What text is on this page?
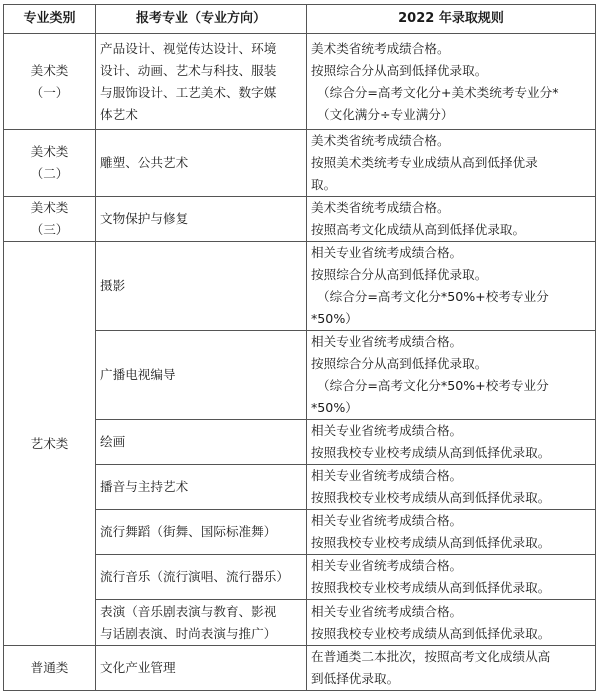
专业类别	报考专业（专业方向）	2022 年录取规则

美术类
（一）	产品设计、视觉传达设计、环境
设计、动画、艺术与科技、服装
与服饰设计、工艺美术、数字媒
体艺术	美术类省统考成绩合格。
按照综合分从高到低择优录取。
（综合分=高考文化分+美术类统考专业分*
（文化满分÷专业满分）

美术类
（二）	雕塑、公共艺术	美术类省统考成绩合格。
按照美术类统考专业成绩从高到低择优录
取。

美术类
（三）	文物保护与修复	美术类省统考成绩合格。
按照高考文化成绩从高到低择优录取。

艺术类	摄影	相关专业省统考成绩合格。
按照综合分从高到低择优录取。
（综合分=高考文化分*50%+校考专业分
*50%）

	广播电视编导	相关专业省统考成绩合格。
按照综合分从高到低择优录取。
（综合分=高考文化分*50%+校考专业分
*50%）

	绘画	相关专业省统考成绩合格。
按照我校专业校考成绩从高到低择优录取。

	播音与主持艺术	相关专业省统考成绩合格。
按照我校专业校考成绩从高到低择优录取。

	流行舞蹈（街舞、国际标准舞）	相关专业省统考成绩合格。
按照我校专业校考成绩从高到低择优录取。

	流行音乐（流行演唱、流行器乐）	相关专业省统考成绩合格。
按照我校专业校考成绩从高到低择优录取。

	表演（音乐剧表演与教育、影视
与话剧表演、时尚表演与推广）	相关专业省统考成绩合格。
按照我校专业校考成绩从高到低择优录取。

普通类	文化产业管理	在普通类二本批次，按照高考文化成绩从高
到低择优录取。
